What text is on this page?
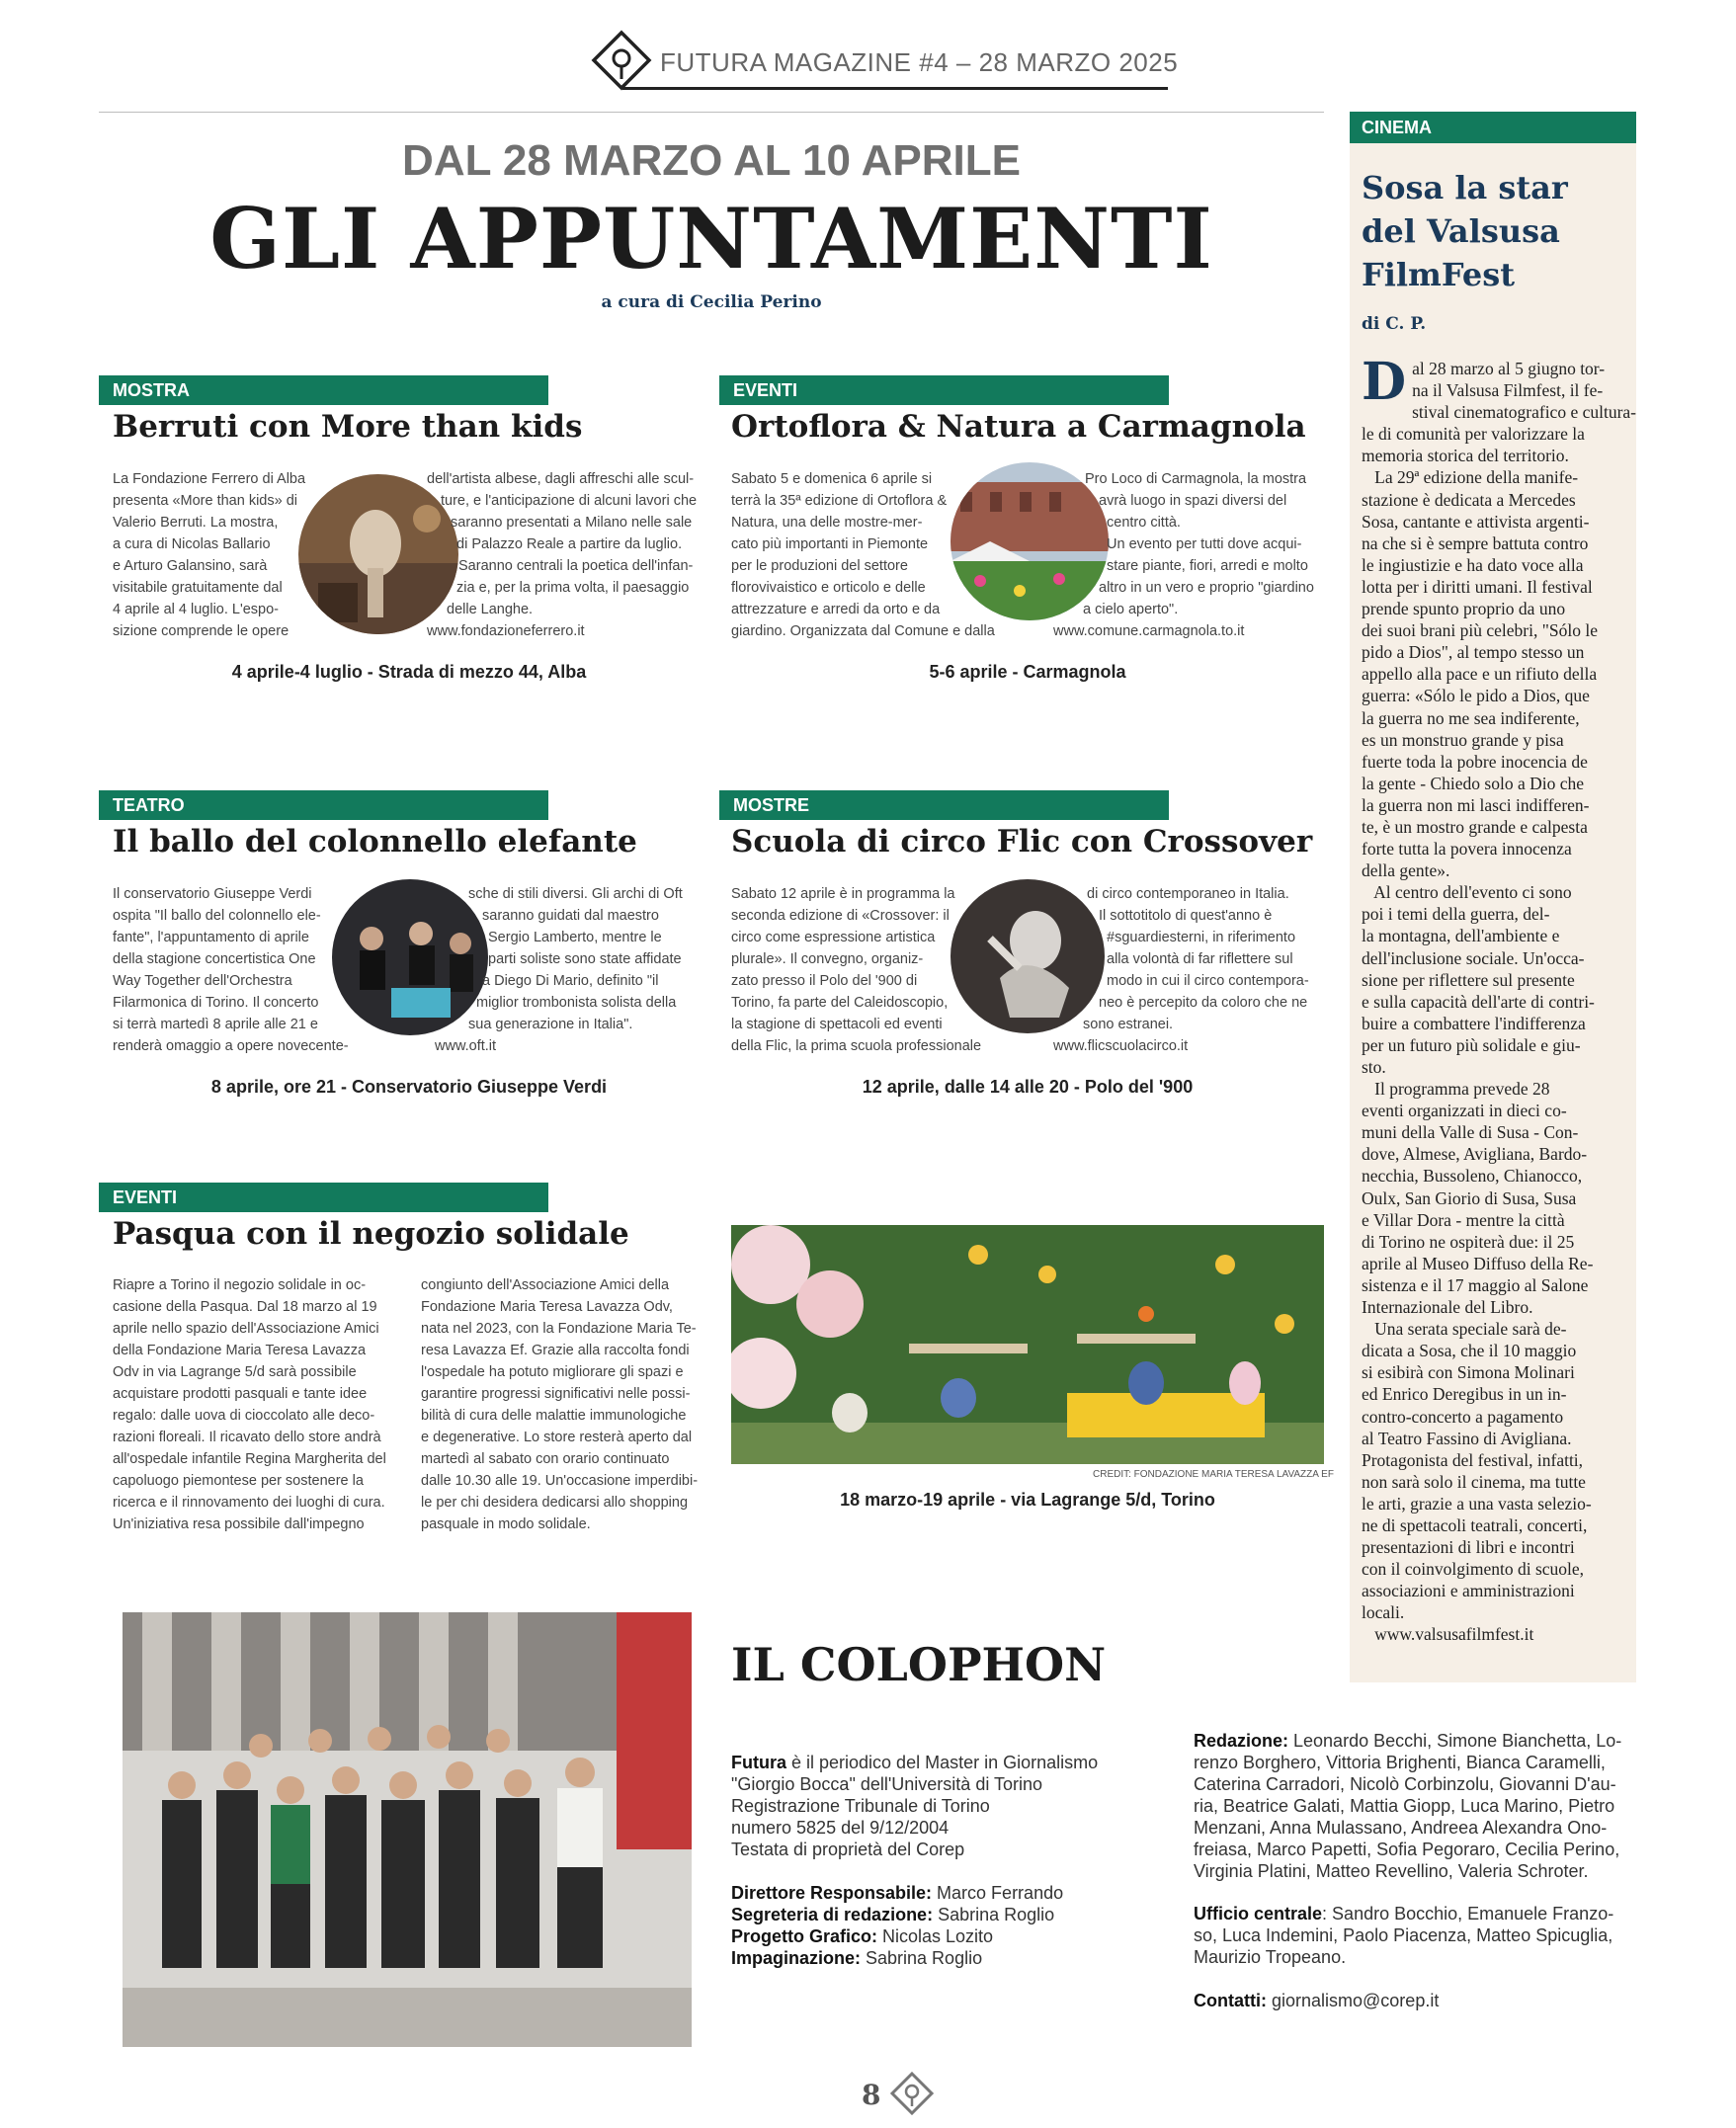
FUTURA MAGAZINE #4 – 28 MARZO 2025
DAL 28 MARZO AL 10 APRILE
GLI APPUNTAMENTI
a cura di Cecilia Perino
MOSTRA
Berruti con More than kids

La Fondazione Ferrero di Alba

presenta «More than kids» di

Valerio Berruti. La mostra,

a cura di Nicolas Ballario

e Arturo Galansino, sarà

visitabile gratuitamente dal

4 aprile al 4 luglio. L'espo-

sizione comprende le opere

dell'artista albese, dagli affreschi alle scul-

ture, e l'anticipazione di alcuni lavori che

saranno presentati a Milano nelle sale

di Palazzo Reale a partire da luglio.

Saranno centrali la poetica dell'infan-

zia e, per la prima volta, il paesaggio

delle Langhe.

www.fondazioneferrero.it

4 aprile-4 luglio - Strada di mezzo 44, Alba
EVENTI
Ortoflora & Natura a Carmagnola

Sabato 5 e domenica 6 aprile si

terrà la 35ª edizione di Ortoflora &

Natura, una delle mostre-mer-

cato più importanti in Piemonte

per le produzioni del settore

florovivaistico e orticolo e delle

attrezzature e arredi da orto e da

giardino. Organizzata dal Comune e dalla

Pro Loco di Carmagnola, la mostra

avrà luogo in spazi diversi del

centro città.

Un evento per tutti dove acqui-

stare piante, fiori, arredi e molto

altro in un vero e proprio "giardino

a cielo aperto".

www.comune.carmagnola.to.it

5-6 aprile - Carmagnola
TEATRO
Il ballo del colonnello elefante

Il conservatorio Giuseppe Verdi

ospita "Il ballo del colonnello ele-

fante", l'appuntamento di aprile

della stagione concertistica One

Way Together dell'Orchestra

Filarmonica di Torino. Il concerto

si terrà martedì 8 aprile alle 21 e

renderà omaggio a opere novecente-

sche di stili diversi. Gli archi di Oft

saranno guidati dal maestro

Sergio Lamberto, mentre le

parti soliste sono state affidate

a Diego Di Mario, definito "il

miglior trombonista solista della

sua generazione in Italia".

www.oft.it

8 aprile, ore 21 - Conservatorio Giuseppe Verdi
MOSTRE
Scuola di circo Flic con Crossover

Sabato 12 aprile è in programma la

seconda edizione di «Crossover: il

circo come espressione artistica

plurale». Il convegno, organiz-

zato presso il Polo del '900 di

Torino, fa parte del Caleidoscopio,

la stagione di spettacoli ed eventi

della Flic, la prima scuola professionale

di circo contemporaneo in Italia.

Il sottotitolo di quest'anno è

#sguardiesterni, in riferimento

alla volontà di far riflettere sul

modo in cui il circo contempora-

neo è percepito da coloro che ne

sono estranei.

www.flicscuolacirco.it

12 aprile, dalle 14 alle 20 - Polo del '900
EVENTI
Pasqua con il negozio solidale

Riapre a Torino il negozio solidale in oc-

casione della Pasqua. Dal 18 marzo al 19

aprile nello spazio dell'Associazione Amici

della Fondazione Maria Teresa Lavazza

Odv in via Lagrange 5/d sarà possibile

acquistare prodotti pasquali e tante idee

regalo: dalle uova di cioccolato alle deco-

razioni floreali. Il ricavato dello store andrà

all'ospedale infantile Regina Margherita del

capoluogo piemontese per sostenere la

ricerca e il rinnovamento dei luoghi di cura.

Un'iniziativa resa possibile dall'impegno

congiunto dell'Associazione Amici della

Fondazione Maria Teresa Lavazza Odv,

nata nel 2023, con la Fondazione Maria Te-

resa Lavazza Ef. Grazie alla raccolta fondi

l'ospedale ha potuto migliorare gli spazi e

garantire progressi significativi nelle possi-

bilità di cura delle malattie immunologiche

e degenerative. Lo store resterà aperto dal

martedì al sabato con orario continuato

dalle 10.30 alle 19. Un'occasione imperdibi-

le per chi desidera dedicarsi allo shopping

pasquale in modo solidale.

CREDIT: FONDAZIONE MARIA TERESA LAVAZZA EF
18 marzo-19 aprile - via Lagrange 5/d, Torino
CINEMA
Sosa la star
del Valsusa
FilmFest
di C. P.
D al 28 marzo al 5 giugno tor-

na il Valsusa Filmfest, il fe-

stival cinematografico e cultura-

le di comunità per valorizzare la

memoria storica del territorio.

La 29ª edizione della manife-

stazione è dedicata a Mercedes

Sosa, cantante e attivista argenti-

na che si è sempre battuta contro

le ingiustizie e ha dato voce alla

lotta per i diritti umani. Il festival

prende spunto proprio da uno

dei suoi brani più celebri, "Sólo le

pido a Dios", al tempo stesso un

appello alla pace e un rifiuto della

guerra: «Sólo le pido a Dios, que

la guerra no me sea indiferente,

es un monstruo grande y pisa

fuerte toda la pobre inocencia de

la gente - Chiedo solo a Dio che

la guerra non mi lasci indifferen-

te, è un mostro grande e calpesta

forte tutta la povera innocenza

della gente».

Al centro dell'evento ci sono

poi i temi della guerra, del-

la montagna, dell'ambiente e

dell'inclusione sociale. Un'occa-

sione per riflettere sul presente

e sulla capacità dell'arte di contri-

buire a combattere l'indifferenza

per un futuro più solidale e giu-

sto.

Il programma prevede 28

eventi organizzati in dieci co-

muni della Valle di Susa - Con-

dove, Almese, Avigliana, Bardo-

necchia, Bussoleno, Chianocco,

Oulx, San Giorio di Susa, Susa

e Villar Dora - mentre la città

di Torino ne ospiterà due: il 25

aprile al Museo Diffuso della Re-

sistenza e il 17 maggio al Salone

Internazionale del Libro.

Una serata speciale sarà de-

dicata a Sosa, che il 10 maggio

si esibirà con Simona Molinari

ed Enrico Deregibus in un in-

contro-concerto a pagamento

al Teatro Fassino di Avigliana.

Protagonista del festival, infatti,

non sarà solo il cinema, ma tutte

le arti, grazie a una vasta selezio-

ne di spettacoli teatrali, concerti,

presentazioni di libri e incontri

con il coinvolgimento di scuole,

associazioni e amministrazioni

locali.

www.valsusafilmfest.it

IL COLOPHON

Futura è il periodico del Master in Giornalismo

"Giorgio Bocca" dell'Università di Torino

Registrazione Tribunale di Torino

numero 5825 del 9/12/2004

Testata di proprietà del Corep

Direttore Responsabile: Marco Ferrando

Segreteria di redazione: Sabrina Roglio

Progetto Grafico: Nicolas Lozito

Impaginazione: Sabrina Roglio

Redazione: Leonardo Becchi, Simone Bianchetta, Lo-

renzo Borghero, Vittoria Brighenti, Bianca Caramelli,

Caterina Carradori, Nicolò Corbinzolu, Giovanni D'au-

ria, Beatrice Galati, Mattia Giopp, Luca Marino, Pietro

Menzani, Anna Mulassano, Andreea Alexandra Ono-

freiasa, Marco Papetti, Sofia Pegoraro, Cecilia Perino,

Virginia Platini, Matteo Revellino, Valeria Schroter.

Ufficio centrale: Sandro Bocchio, Emanuele Franzo-

so, Luca Indemini, Paolo Piacenza, Matteo Spicuglia,

Maurizio Tropeano.

Contatti: giornalismo@corep.it

8
